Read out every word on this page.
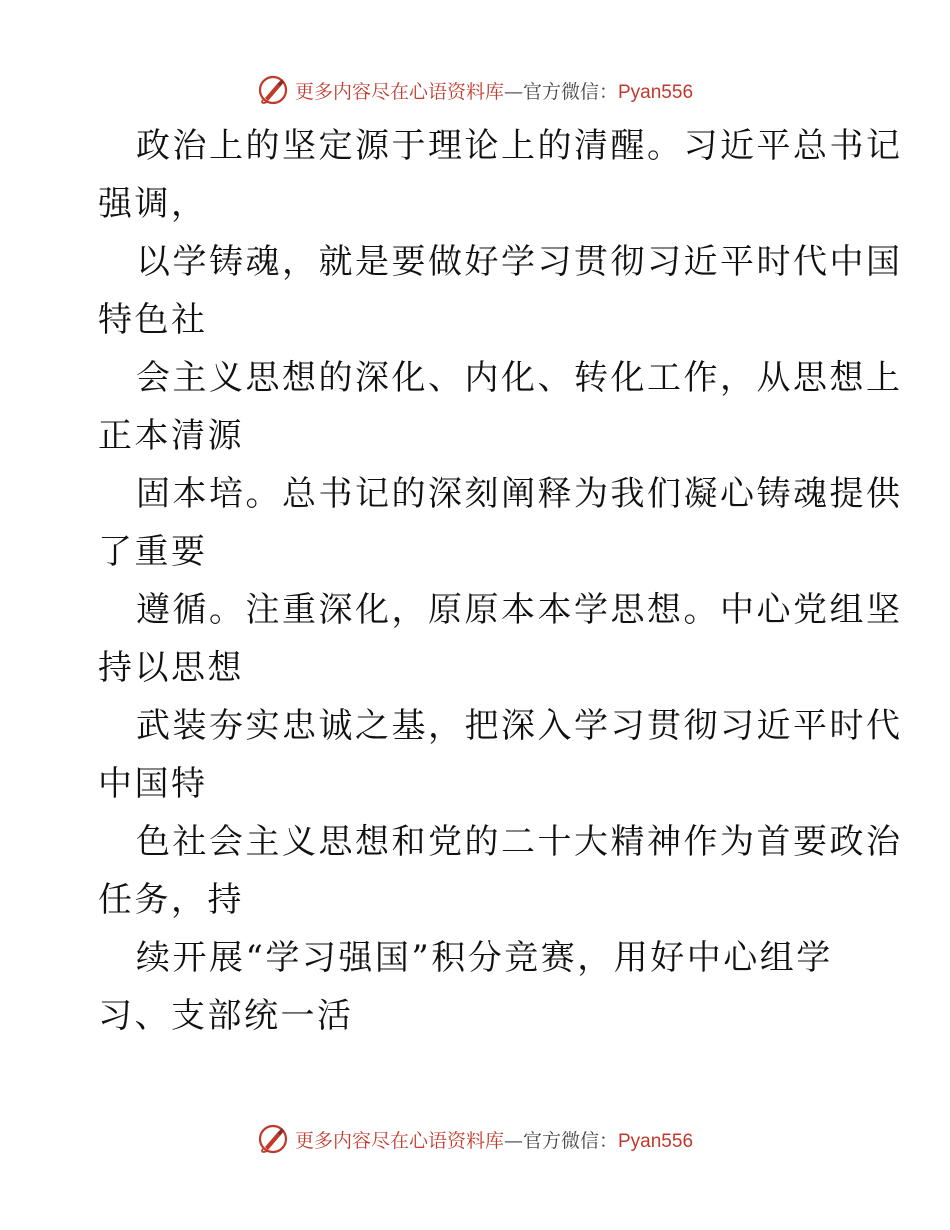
更多内容尽在心语资料库—官方微信：Pyan556
政治上的坚定源于理论上的清醒。习近平总书记
强调，
以学铸魂，就是要做好学习贯彻习近平时代中国
特色社
会主义思想的深化、内化、转化工作，从思想上
正本清源
固本培。总书记的深刻阐释为我们凝心铸魂提供
了重要
遵循。注重深化，原原本本学思想。中心党组坚
持以思想
武装夯实忠诚之基，把深入学习贯彻习近平时代
中国特
色社会主义思想和党的二十大精神作为首要政治
任务，持
续开展“学习强国”积分竞赛，用好中心组学
习、支部统一活
更多内容尽在心语资料库—官方微信：Pyan556
